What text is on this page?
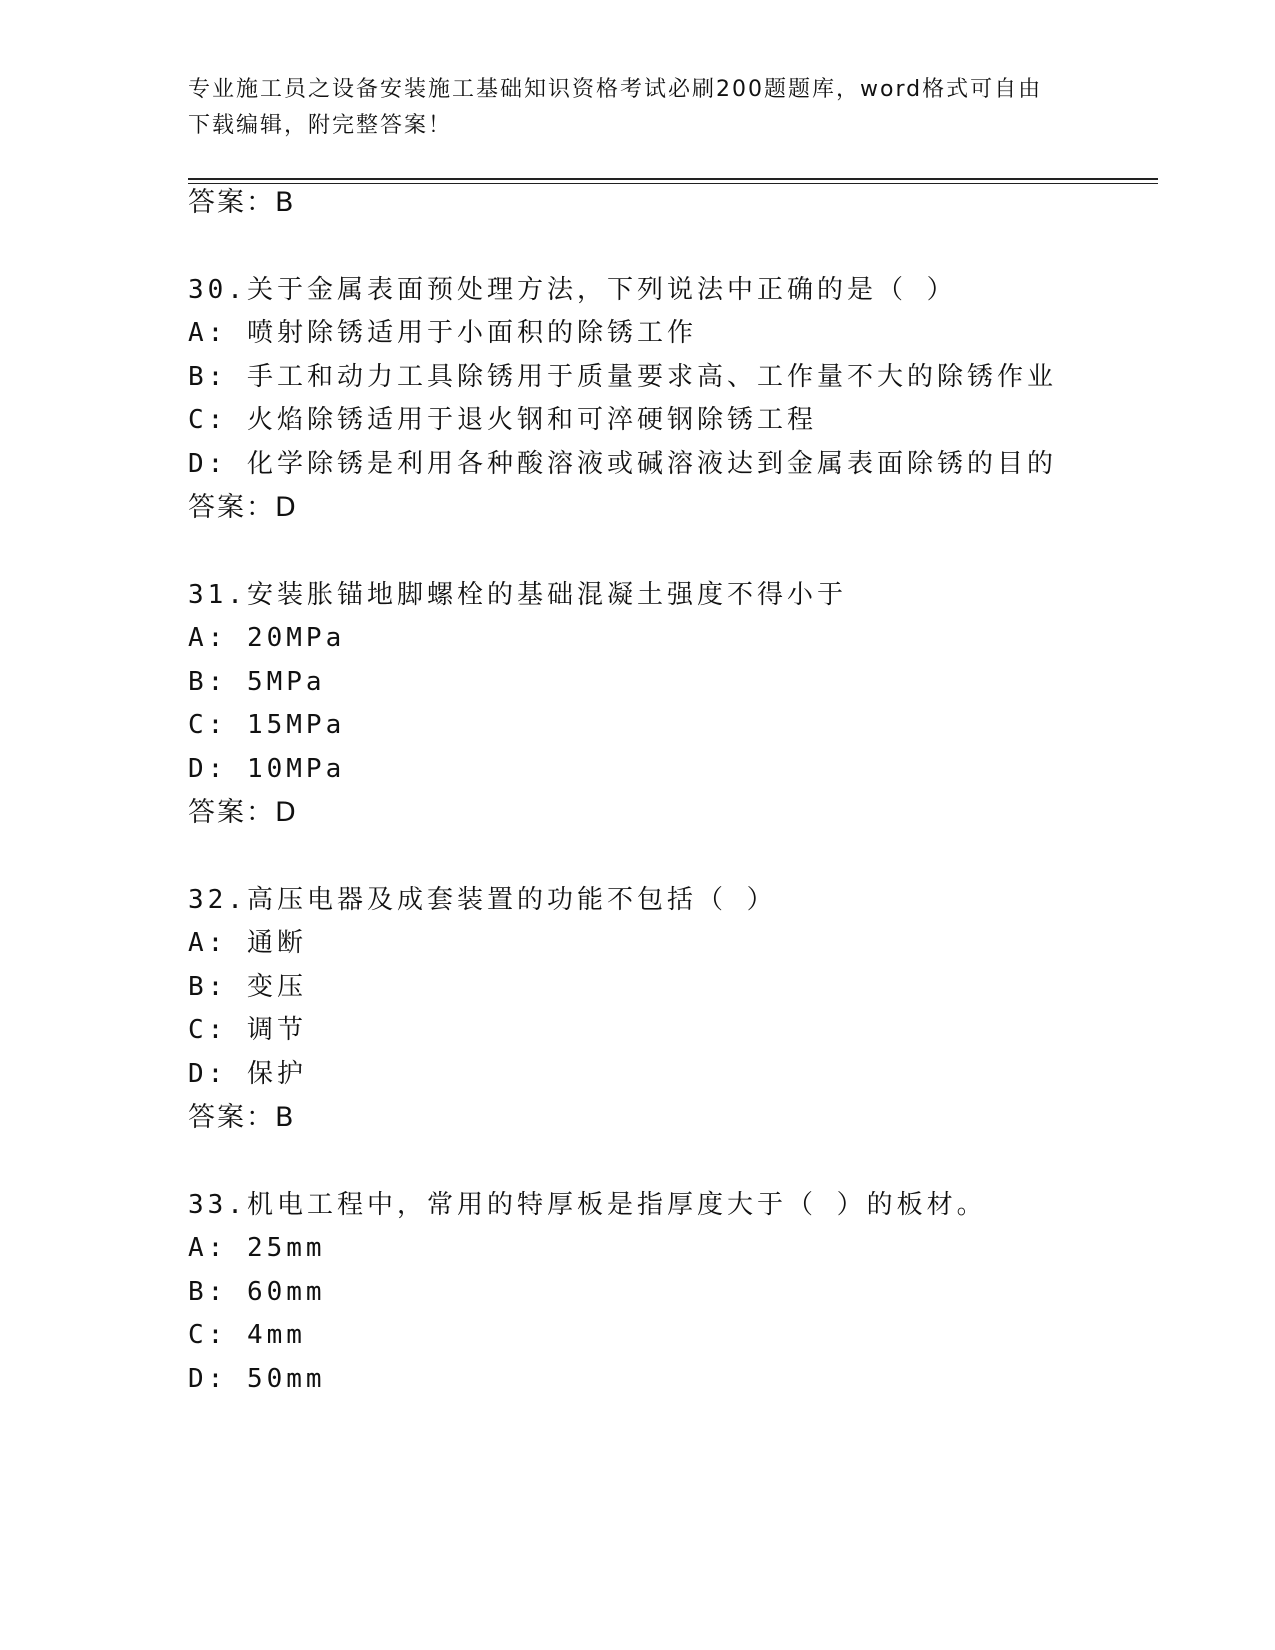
专业施工员之设备安装施工基础知识资格考试必刷200题题库，word格式可自由
下载编辑，附完整答案！
答案：B
30.关于金属表面预处理方法，下列说法中正确的是（ ）
A: 喷射除锈适用于小面积的除锈工作
B: 手工和动力工具除锈用于质量要求高、工作量不大的除锈作业
C: 火焰除锈适用于退火钢和可淬硬钢除锈工程
D: 化学除锈是利用各种酸溶液或碱溶液达到金属表面除锈的目的
答案：D
31.安装胀锚地脚螺栓的基础混凝土强度不得小于
A: 20MPa
B: 5MPa
C: 15MPa
D: 10MPa
答案：D
32.高压电器及成套装置的功能不包括（ ）
A: 通断
B: 变压
C: 调节
D: 保护
答案：B
33.机电工程中，常用的特厚板是指厚度大于（ ）的板材。
A: 25mm
B: 60mm
C: 4mm
D: 50mm
